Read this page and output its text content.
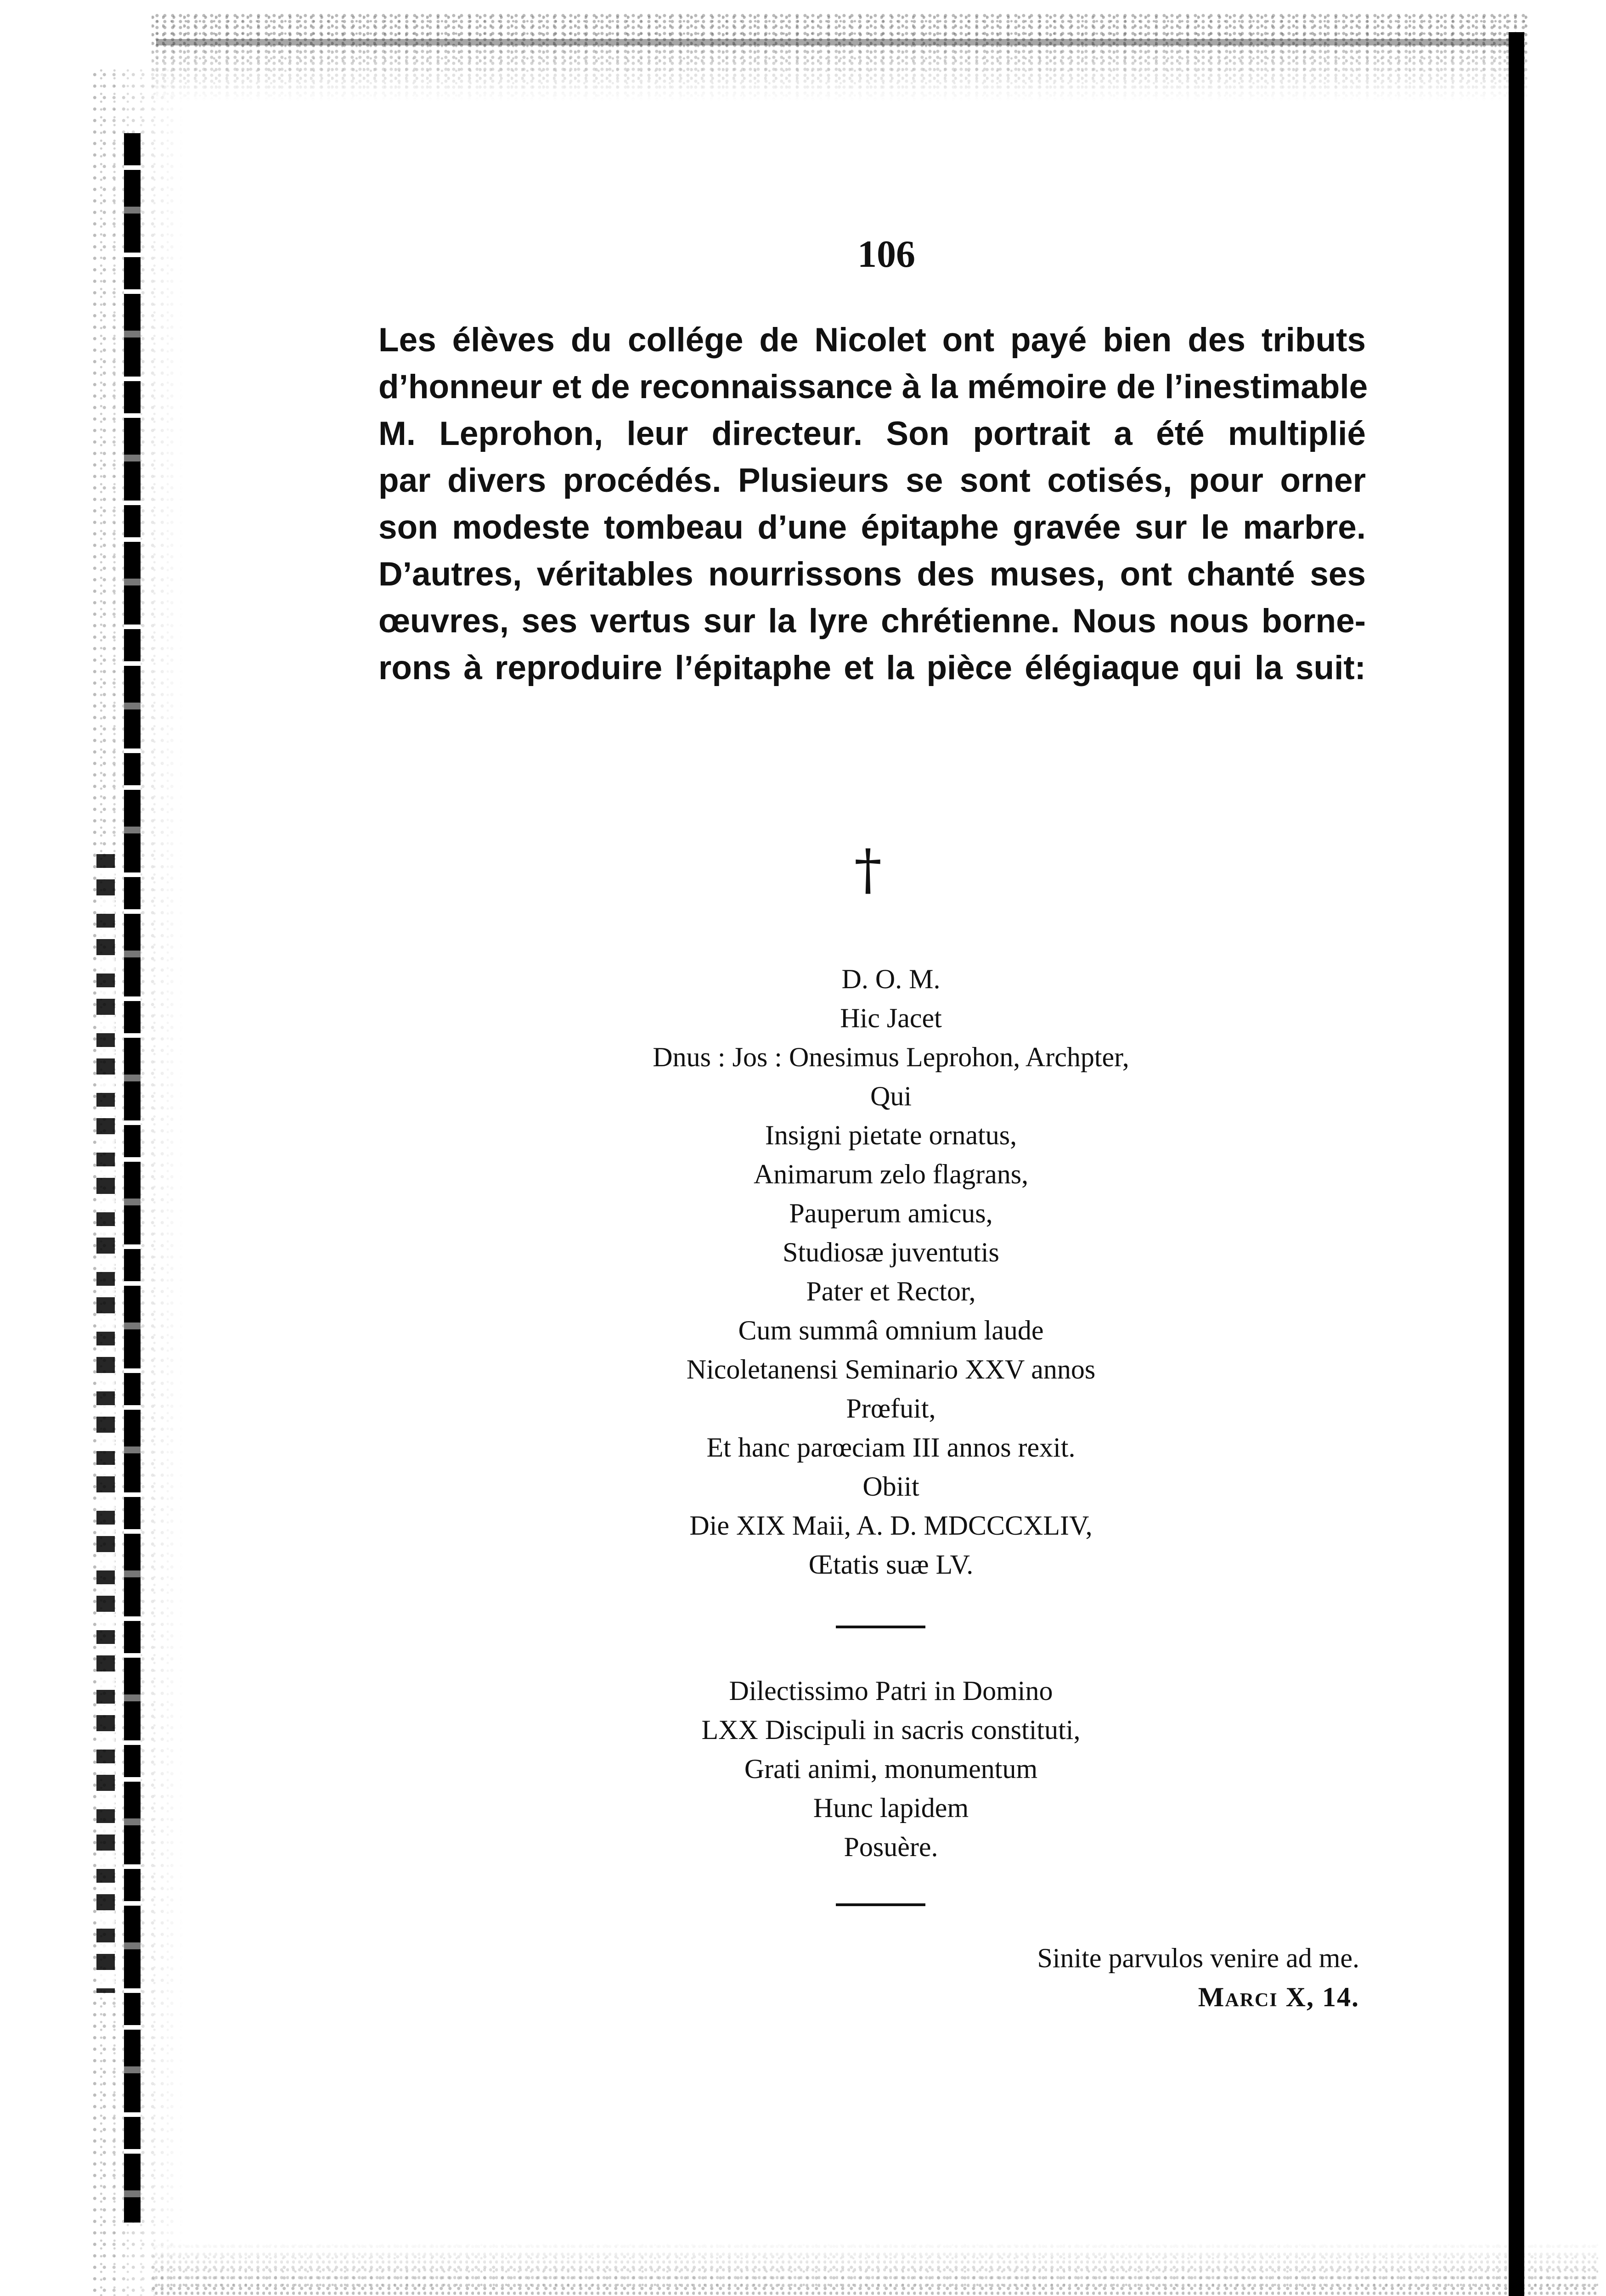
106
Les élèves du collége de Nicolet ont payé bien des tributs
d’honneur et de reconnaissance à la mémoire de l’inestimable
M. Leprohon, leur directeur. Son portrait a été multiplié
par divers procédés. Plusieurs se sont cotisés, pour orner
son modeste tombeau d’une épitaphe gravée sur le marbre.
D’autres, véritables nourrissons des muses, ont chanté ses
œuvres, ses vertus sur la lyre chrétienne. Nous nous borne-
rons à reproduire l’épitaphe et la pièce élégiaque qui la suit:
†
D. O. M.
Hic Jacet
Dnus : Jos : Onesimus Leprohon, Archpter,
Qui
Insigni pietate ornatus,
Animarum zelo flagrans,
Pauperum amicus,
Studiosæ juventutis
Pater et Rector,
Cum summâ omnium laude
Nicoletanensi Seminario XXV annos
Prœfuit,
Et hanc parœciam III annos rexit.
Obiit
Die XIX Maii, A. D. MDCCCXLIV,
Œtatis suæ LV.
Dilectissimo Patri in Domino
LXX Discipuli in sacris constituti,
Grati animi, monumentum
Hunc lapidem
Posuère.
Sinite parvulos venire ad me.
Marci X, 14.
